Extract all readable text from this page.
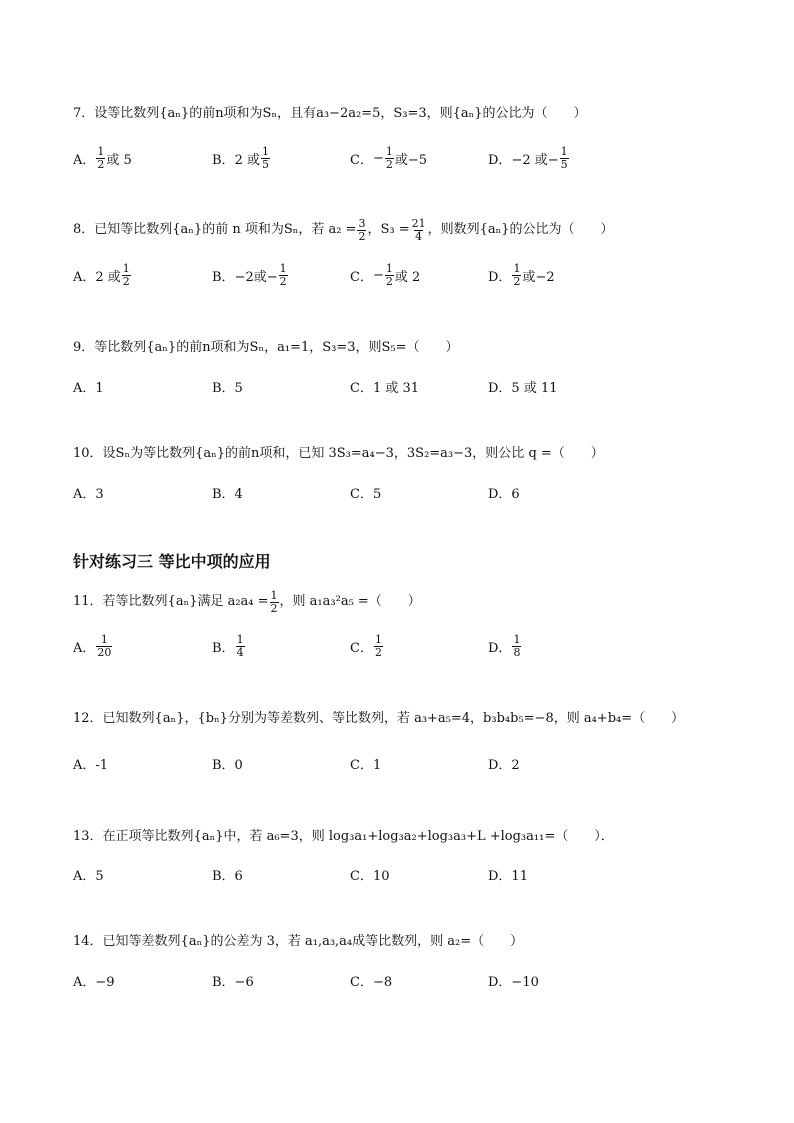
7．设等比数列{aₙ}的前n项和为Sₙ，且有a₃−2a₂=5，S₃=3，则{aₙ}的公比为（　　）
A． $\frac{1}{2}$ 或 5	B． 2 或 $\frac{1}{5}$	C． − $\frac{1}{2}$ 或−5	D． −2 或− $\frac{1}{5}$
8．已知等比数列{aₙ}的前 n 项和为Sₙ，若 $a_2 = \frac{3}{2}$ ，$S_3 = \frac{21}{4}$ ，则数列{aₙ}的公比为（　　）
A． 2 或 $\frac{1}{2}$	B． −2或− $\frac{1}{2}$	C． − $\frac{1}{2}$ 或 2	D． $\frac{1}{2}$ 或−2
9．等比数列{aₙ}的前n项和为Sₙ，a₁=1，S₃=3，则S₅=（　　）
A．1	B．5	C．1 或 31	D．5 或 11
10．设Sₙ为等比数列{aₙ}的前n项和，已知 3S₃=a₄−3，3S₂=a₃−3，则公比 q =（　　）
A．3	B．4	C．5	D．6
针对练习三 等比中项的应用
11．若等比数列{aₙ}满足 $a_2a_4 = \frac{1}{2}$ ，则 a₁a₃²a₅ =（　　）
A． $\frac{1}{20}$	B． $\frac{1}{4}$	C． $\frac{1}{2}$	D． $\frac{1}{8}$
12．已知数列{aₙ}，{bₙ}分别为等差数列、等比数列，若 a₃+a₅=4，b₃b₄b₅=−8，则 a₄+b₄=（　　）
A．-1	B．0	C．1	D．2
13．在正项等比数列{aₙ}中，若 a₆=3，则 log₃a₁+log₃a₂+log₃a₃+L +log₃a₁₁=（　　）．
A．5	B．6	C．10	D．11
14．已知等差数列{aₙ}的公差为 3，若 a₁,a₃,a₄成等比数列，则 a₂=（　　）
A．−9	B．−6	C．−8	D．−10
